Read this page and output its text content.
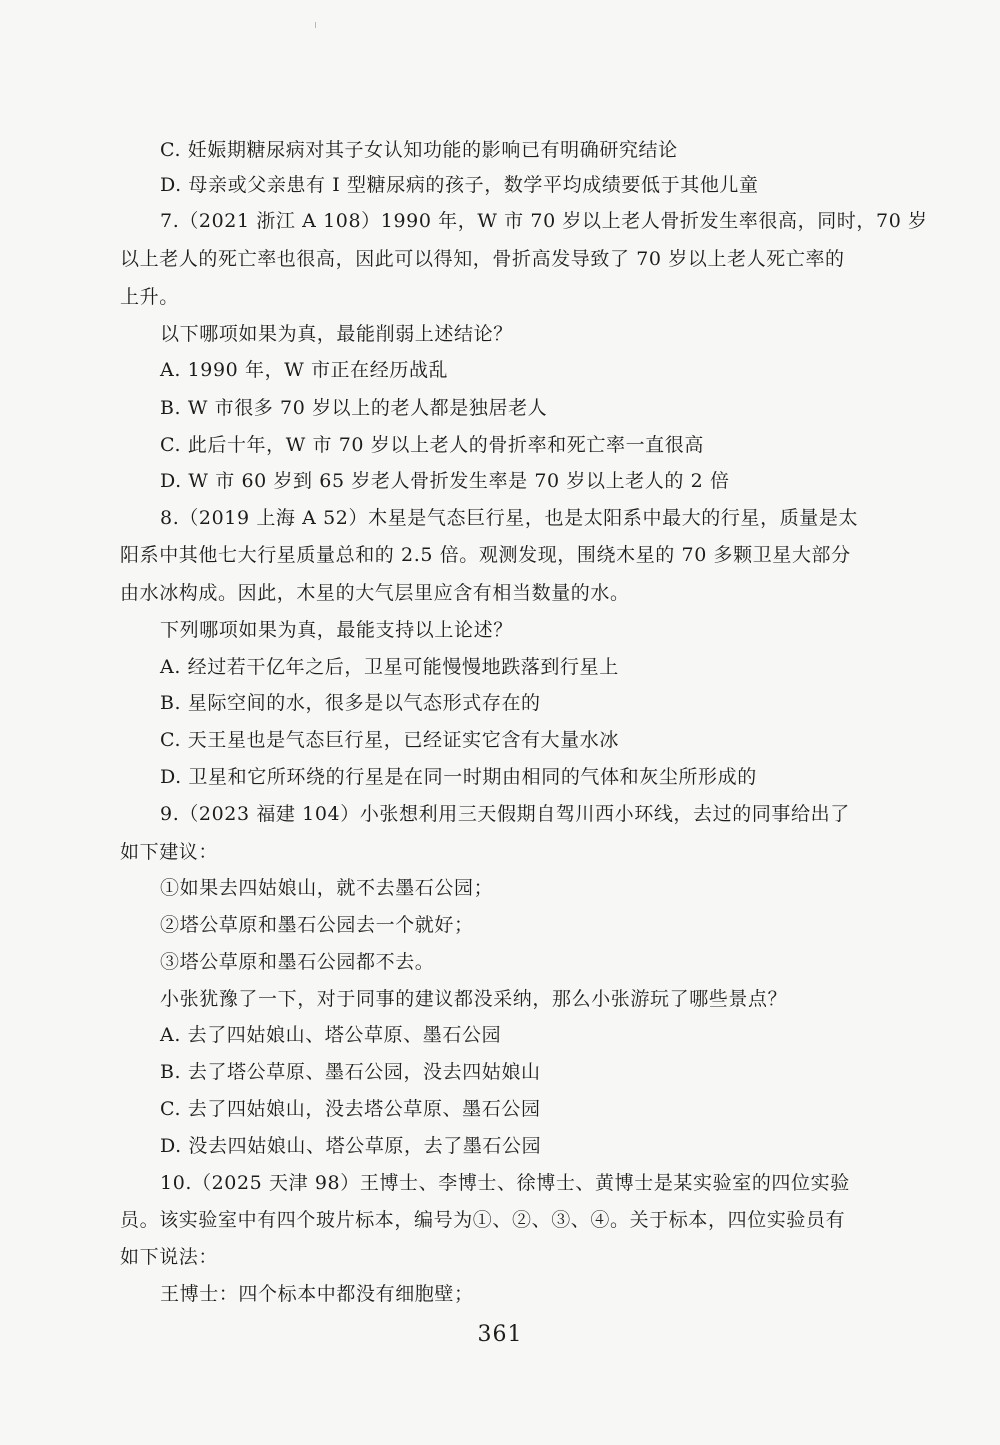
C. 妊娠期糖尿病对其子女认知功能的影响已有明确研究结论
D. 母亲或父亲患有 I 型糖尿病的孩子，数学平均成绩要低于其他儿童
7.（2021 浙江 A 108）1990 年，W 市 70 岁以上老人骨折发生率很高，同时，70 岁
以上老人的死亡率也很高，因此可以得知，骨折高发导致了 70 岁以上老人死亡率的
上升。
以下哪项如果为真，最能削弱上述结论？
A. 1990 年，W 市正在经历战乱
B. W 市很多 70 岁以上的老人都是独居老人
C. 此后十年，W 市 70 岁以上老人的骨折率和死亡率一直很高
D. W 市 60 岁到 65 岁老人骨折发生率是 70 岁以上老人的 2 倍
8.（2019 上海 A 52）木星是气态巨行星，也是太阳系中最大的行星，质量是太
阳系中其他七大行星质量总和的 2.5 倍。观测发现，围绕木星的 70 多颗卫星大部分
由水冰构成。因此，木星的大气层里应含有相当数量的水。
下列哪项如果为真，最能支持以上论述？
A. 经过若干亿年之后，卫星可能慢慢地跌落到行星上
B. 星际空间的水，很多是以气态形式存在的
C. 天王星也是气态巨行星，已经证实它含有大量水冰
D. 卫星和它所环绕的行星是在同一时期由相同的气体和灰尘所形成的
9.（2023 福建 104）小张想利用三天假期自驾川西小环线，去过的同事给出了
如下建议：
①如果去四姑娘山，就不去墨石公园；
②塔公草原和墨石公园去一个就好；
③塔公草原和墨石公园都不去。
小张犹豫了一下，对于同事的建议都没采纳，那么小张游玩了哪些景点？
A. 去了四姑娘山、塔公草原、墨石公园
B. 去了塔公草原、墨石公园，没去四姑娘山
C. 去了四姑娘山，没去塔公草原、墨石公园
D. 没去四姑娘山、塔公草原，去了墨石公园
10.（2025 天津 98）王博士、李博士、徐博士、黄博士是某实验室的四位实验
员。该实验室中有四个玻片标本，编号为①、②、③、④。关于标本，四位实验员有
如下说法：
王博士：四个标本中都没有细胞壁；
361
